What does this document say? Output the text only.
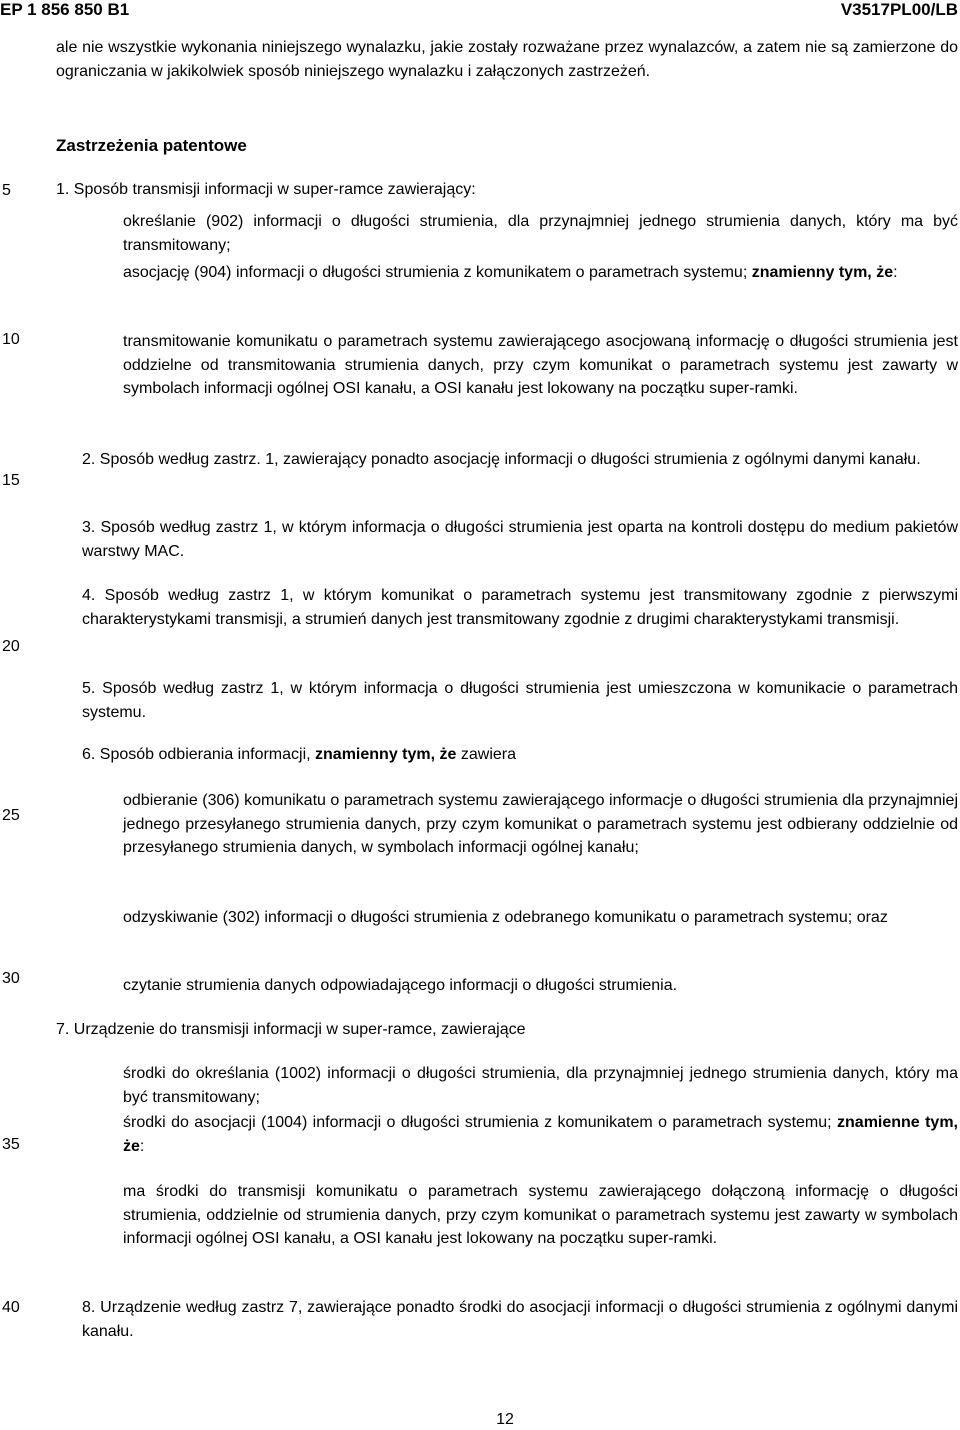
EP 1 856 850 B1	V3517PL00/LB
5
10
15
20
25
30
35
40
ale nie wszystkie wykonania niniejszego wynalazku, jakie zostały rozważane przez wynalazców, a zatem nie są zamierzone do ograniczania w jakikolwiek sposób niniejszego wynalazku i załączonych zastrzeżeń.
Zastrzeżenia patentowe
1. Sposób transmisji informacji w super-ramce zawierający:
określanie (902) informacji o długości strumienia, dla przynajmniej jednego strumienia danych, który ma być transmitowany;
asocjację (904) informacji o długości strumienia z komunikatem o parametrach systemu; znamienny tym, że:
transmitowanie komunikatu o parametrach systemu zawierającego asocjowaną informację o długości strumienia jest oddzielne od transmitowania strumienia danych, przy czym komunikat o parametrach systemu jest zawarty w symbolach informacji ogólnej OSI kanału, a OSI kanału jest lokowany na początku super-ramki.
2. Sposób według zastrz. 1, zawierający ponadto asocjację informacji o długości strumienia z ogólnymi danymi kanału.
3. Sposób według zastrz 1, w którym informacja o długości strumienia jest oparta na kontroli dostępu do medium pakietów warstwy MAC.
4. Sposób według zastrz 1, w którym komunikat o parametrach systemu jest transmitowany zgodnie z pierwszymi charakterystykami transmisji, a strumień danych jest transmitowany zgodnie z drugimi charakterystykami transmisji.
5. Sposób według zastrz 1, w którym informacja o długości strumienia jest umieszczona w komunikacie o parametrach systemu.
6. Sposób odbierania informacji, znamienny tym, że zawiera
odbieranie (306) komunikatu o parametrach systemu zawierającego informacje o długości strumienia dla przynajmniej jednego przesyłanego strumienia danych, przy czym komunikat o parametrach systemu jest odbierany oddzielnie od przesyłanego strumienia danych, w symbolach informacji ogólnej kanału;
odzyskiwanie (302) informacji o długości strumienia z odebranego komunikatu o parametrach systemu; oraz
czytanie strumienia danych odpowiadającego informacji o długości strumienia.
7. Urządzenie do transmisji informacji w super-ramce, zawierające
środki do określania (1002) informacji o długości strumienia, dla przynajmniej jednego strumienia danych, który ma być transmitowany;
środki do asocjacji (1004) informacji o długości strumienia z komunikatem o parametrach systemu; znamienne tym, że:
ma środki do transmisji komunikatu o parametrach systemu zawierającego dołączoną informację o długości strumienia, oddzielnie od strumienia danych, przy czym komunikat o parametrach systemu jest zawarty w symbolach informacji ogólnej OSI kanału, a OSI kanału jest lokowany na początku super-ramki.
8. Urządzenie według zastrz 7, zawierające ponadto środki do asocjacji informacji o długości strumienia z ogólnymi danymi kanału.
12
